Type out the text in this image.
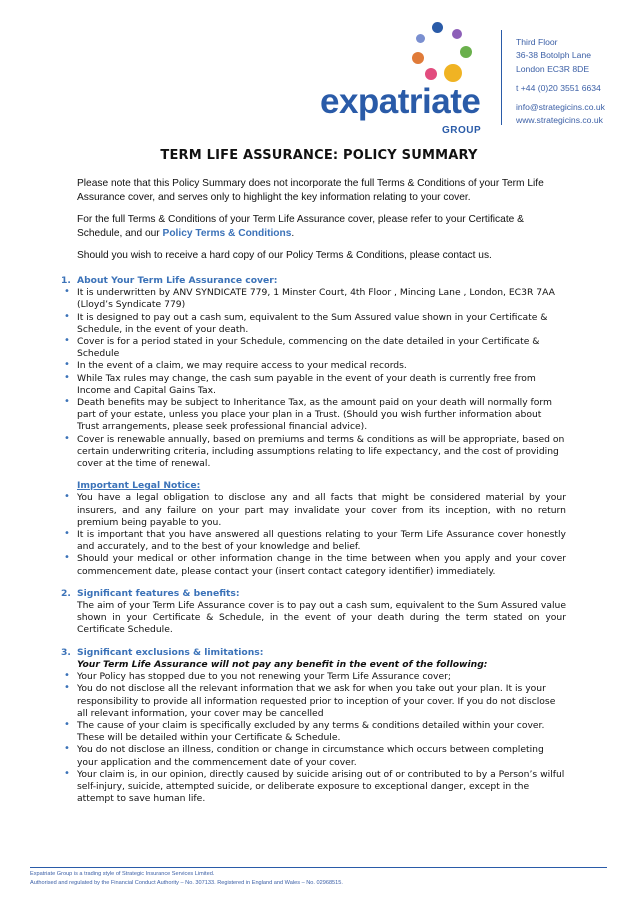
expatriate
GROUP
Third Floor
36-38 Botolph Lane
London EC3R 8DE
t +44 (0)20 3551 6634
info@strategicins.co.uk
www.strategicins.co.uk
TERM LIFE ASSURANCE: POLICY SUMMARY

Please note that this Policy Summary does not incorporate the full Terms & Conditions of your Term Life Assurance cover, and serves only to highlight the key information relating to your cover.

For the full Terms & Conditions of your Term Life Assurance cover, please refer to your Certificate & Schedule, and our Policy Terms & Conditions.

Should you wish to receive a hard copy of our Policy Terms & Conditions, please contact us.

1. About Your Term Life Assurance cover:
• It is underwritten by ANV SYNDICATE 779, 1 Minster Court, 4th Floor , Mincing Lane , London, EC3R 7AA (Lloyd’s Syndicate 779)
• It is designed to pay out a cash sum, equivalent to the Sum Assured value shown in your Certificate & Schedule, in the event of your death.
• Cover is for a period stated in your Schedule, commencing on the date detailed in your Certificate & Schedule
• In the event of a claim, we may require access to your medical records.
• While Tax rules may change, the cash sum payable in the event of your death is currently free from Income and Capital Gains Tax.
• Death benefits may be subject to Inheritance Tax, as the amount paid on your death will normally form part of your estate, unless you place your plan in a Trust. (Should you wish further information about Trust arrangements, please seek professional financial advice).
• Cover is renewable annually, based on premiums and terms & conditions as will be appropriate, based on certain underwriting criteria, including assumptions relating to life expectancy, and the cost of providing cover at the time of renewal.
Important Legal Notice:
• You have a legal obligation to disclose any and all facts that might be considered material by your insurers, and any failure on your part may invalidate your cover from its inception, with no return premium being payable to you.
• It is important that you have answered all questions relating to your Term Life Assurance cover honestly and accurately, and to the best of your knowledge and belief.
• Should your medical or other information change in the time between when you apply and your cover commencement date, please contact your (insert contact category identifier) immediately.
2. Significant features & benefits:
The aim of your Term Life Assurance cover is to pay out a cash sum, equivalent to the Sum Assured value shown in your Certificate & Schedule, in the event of your death during the term stated on your Certificate Schedule.
3. Significant exclusions & limitations:
Your Term Life Assurance will not pay any benefit in the event of the following:
• Your Policy has stopped due to you not renewing your Term Life Assurance cover;
• You do not disclose all the relevant information that we ask for when you take out your plan. It is your responsibility to provide all information requested prior to inception of your cover. If you do not disclose all relevant information, your cover may be cancelled
• The cause of your claim is specifically excluded by any terms & conditions detailed within your cover. These will be detailed within your Certificate & Schedule.
• You do not disclose an illness, condition or change in circumstance which occurs between completing your application and the commencement date of your cover.
• Your claim is, in our opinion, directly caused by suicide arising out of or contributed to by a Person’s wilful self-injury, suicide, attempted suicide, or deliberate exposure to exceptional danger, except in the attempt to save human life.
Expatriate Group is a trading style of Strategic Insurance Services Limited.
Authorised and regulated by the Financial Conduct Authority – No. 307133. Registered in England and Wales – No. 02968515.
